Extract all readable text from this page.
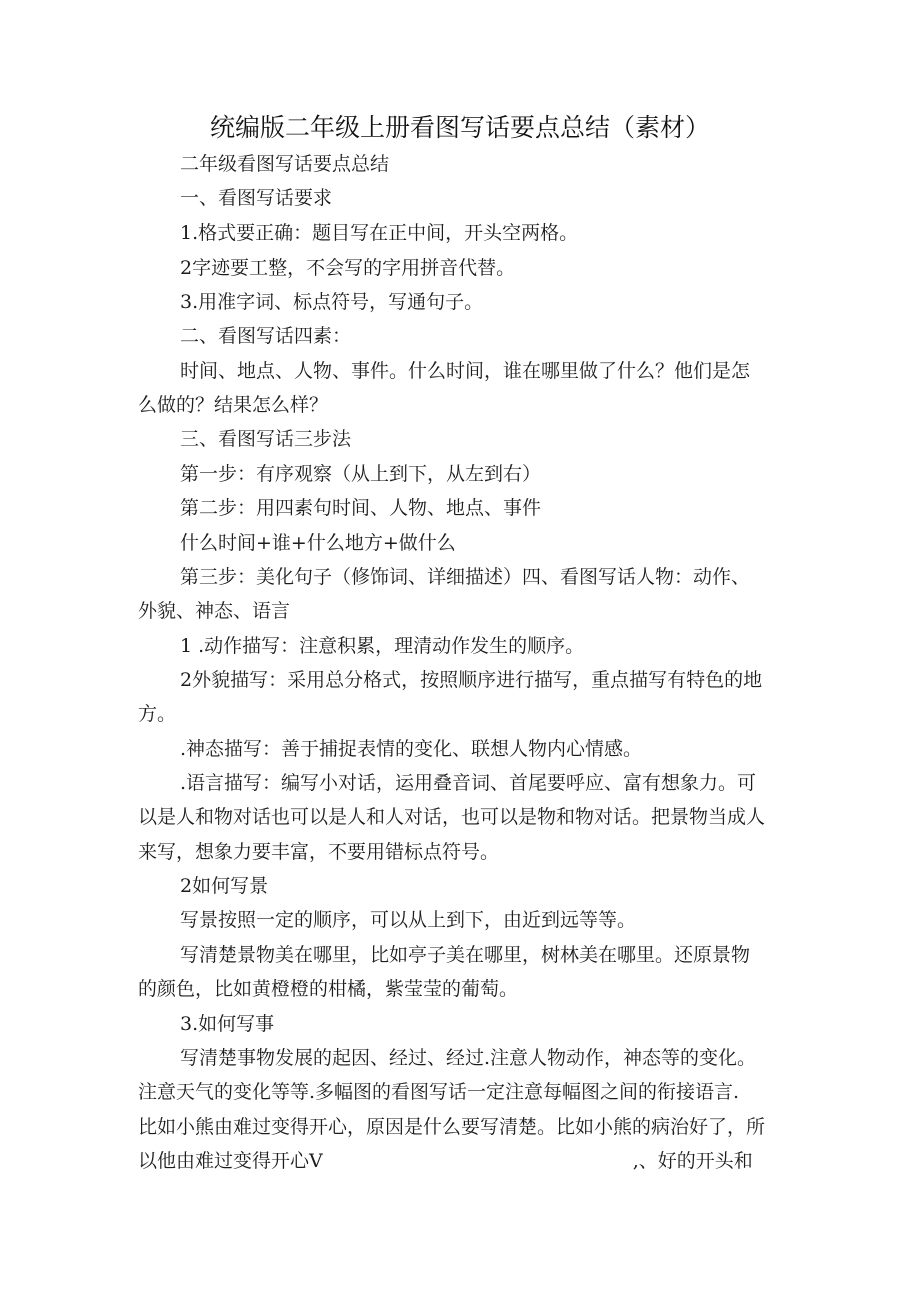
统编版二年级上册看图写话要点总结（素材）
二年级看图写话要点总结
一、看图写话要求
1.格式要正确：题目写在正中间，开头空两格。
2字迹要工整，不会写的字用拼音代替。
3.用准字词、标点符号，写通句子。
二、看图写话四素：
时间、地点、人物、事件。什么时间，谁在哪里做了什么？他们是怎
么做的？结果怎么样？
三、看图写话三步法
第一步：有序观察（从上到下，从左到右）
第二步：用四素句时间、人物、地点、事件
什么时间+谁+什么地方+做什么
第三步：美化句子（修饰词、详细描述）四、看图写话人物：动作、
外貌、神态、语言
1 .动作描写：注意积累，理清动作发生的顺序。
2外貌描写：采用总分格式，按照顺序进行描写，重点描写有特色的地
方。
.神态描写：善于捕捉表情的变化、联想人物内心情感。
.语言描写：编写小对话，运用叠音词、首尾要呼应、富有想象力。可
以是人和物对话也可以是人和人对话，也可以是物和物对话。把景物当成人
来写，想象力要丰富，不要用错标点符号。
2如何写景
写景按照一定的顺序，可以从上到下，由近到远等等。
写清楚景物美在哪里，比如亭子美在哪里，树林美在哪里。还原景物
的颜色，比如黄橙橙的柑橘，紫莹莹的葡萄。
3.如何写事
写清楚事物发展的起因、经过、经过.注意人物动作，神态等的变化。
注意天气的变化等等.多幅图的看图写话一定注意每幅图之间的衔接语言.
比如小熊由难过变得开心，原因是什么要写清楚。比如小熊的病治好了，所
以他由难过变得开心V	,、好的开头和
